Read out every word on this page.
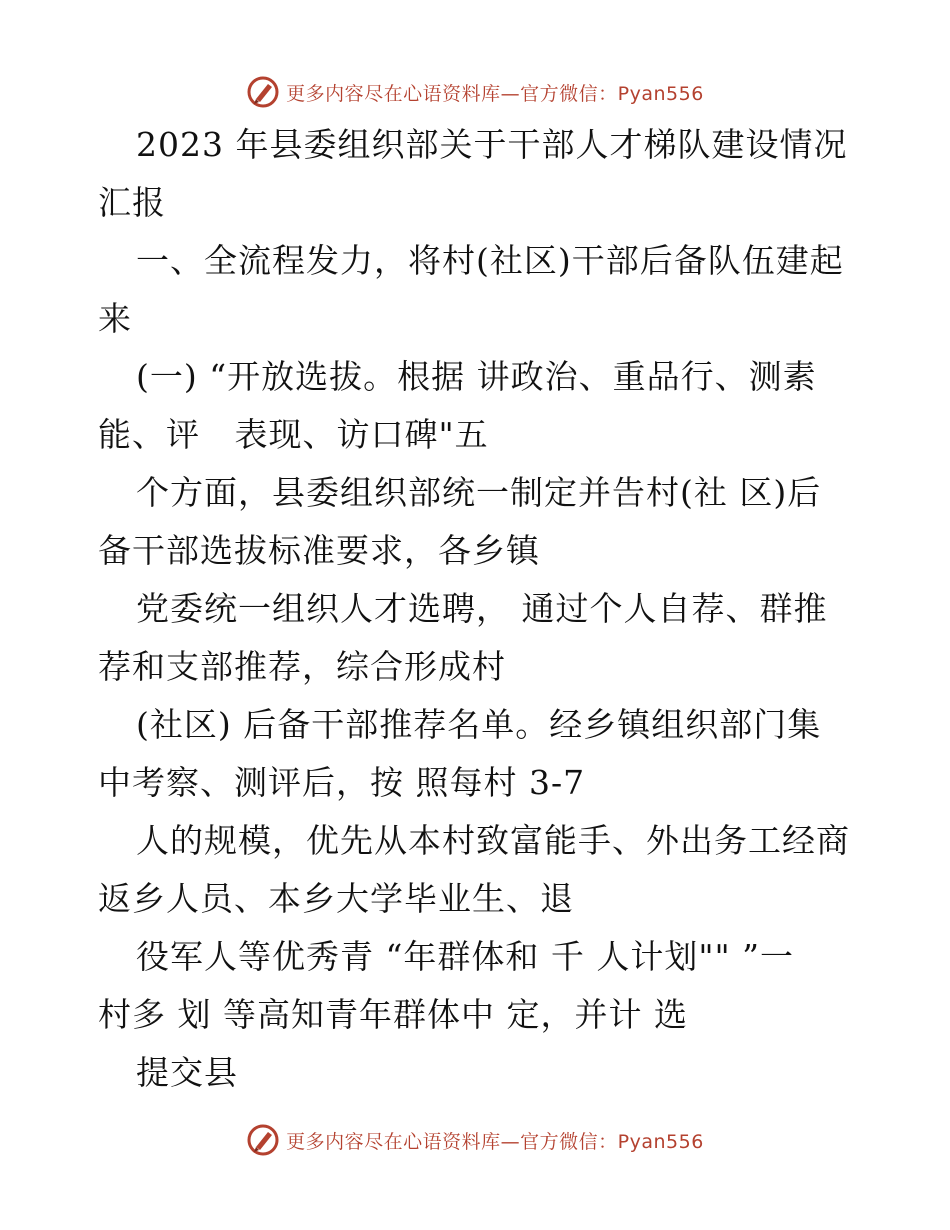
更多内容尽在心语资料库—官方微信：Pyan556
2023 年县委组织部关于干部人才梯队建设情况
汇报
一、全流程发力，将村(社区)干部后备队伍建起
来
(一) “开放选拔。根据 讲政治、重品行、测素
能、评   表现、访口碑"五
个方面，县委组织部统一制定并告村(社 区)后
备干部选拔标准要求，各乡镇
党委统一组织人才选聘， 通过个人自荐、群推
荐和支部推荐，综合形成村
(社区) 后备干部推荐名单。经乡镇组织部门集
中考察、测评后，按 照每村 3-7
人的规模，优先从本村致富能手、外出务工经商
返乡人员、本乡大学毕业生、退
役军人等优秀青 “年群体和 千 人计划"" ”一
村多 划 等高知青年群体中 定，并计 选
提交县
更多内容尽在心语资料库—官方微信：Pyan556
